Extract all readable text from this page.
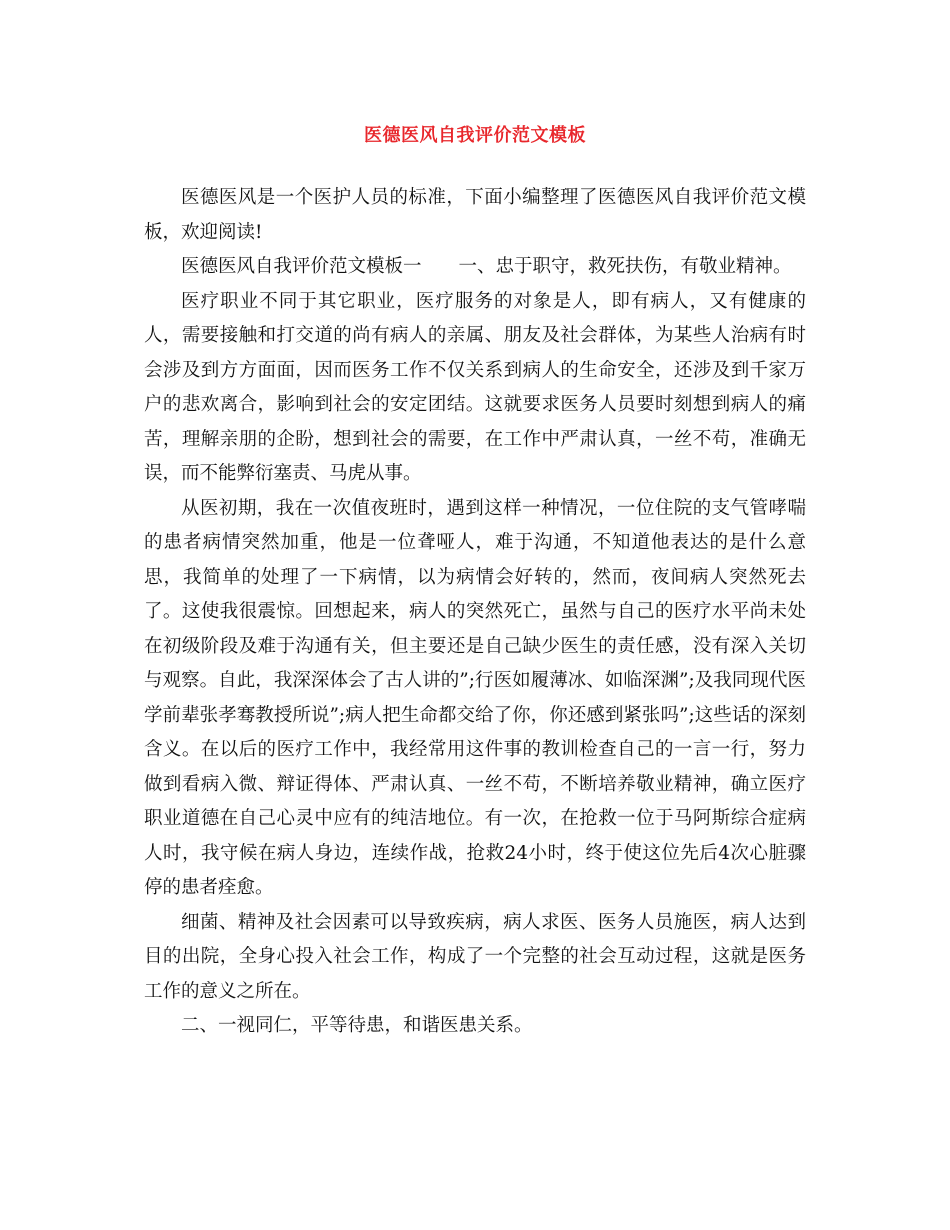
医德医风自我评价范文模板

医德医风是一个医护人员的标准，下面小编整理了医德医风自我评价范文模板，欢迎阅读!

医德医风自我评价范文模板一　　一、忠于职守，救死扶伤，有敬业精神。

医疗职业不同于其它职业，医疗服务的对象是人，即有病人，又有健康的人，需要接触和打交道的尚有病人的亲属、朋友及社会群体，为某些人治病有时会涉及到方方面面，因而医务工作不仅关系到病人的生命安全，还涉及到千家万户的悲欢离合，影响到社会的安定团结。这就要求医务人员要时刻想到病人的痛苦，理解亲朋的企盼，想到社会的需要，在工作中严肃认真，一丝不苟，准确无误，而不能弊衍塞责、马虎从事。

从医初期，我在一次值夜班时，遇到这样一种情况，一位住院的支气管哮喘的患者病情突然加重，他是一位聋哑人，难于沟通，不知道他表达的是什么意思，我简单的处理了一下病情，以为病情会好转的，然而，夜间病人突然死去了。这使我很震惊。回想起来，病人的突然死亡，虽然与自己的医疗水平尚未处在初级阶段及难于沟通有关，但主要还是自己缺少医生的责任感，没有深入关切与观察。自此，我深深体会了古人讲的”;行医如履薄冰、如临深渊”;及我同现代医学前辈张孝骞教授所说”;病人把生命都交给了你，你还感到紧张吗”;这些话的深刻含义。在以后的医疗工作中，我经常用这件事的教训检查自己的一言一行，努力做到看病入微、辩证得体、严肃认真、一丝不苟，不断培养敬业精神，确立医疗职业道德在自己心灵中应有的纯洁地位。有一次，在抢救一位于马阿斯综合症病人时，我守候在病人身边，连续作战，抢救24小时，终于使这位先后4次心脏骤停的患者痊愈。

细菌、精神及社会因素可以导致疾病，病人求医、医务人员施医，病人达到目的出院，全身心投入社会工作，构成了一个完整的社会互动过程，这就是医务工作的意义之所在。

二、一视同仁，平等待患，和谐医患关系。
